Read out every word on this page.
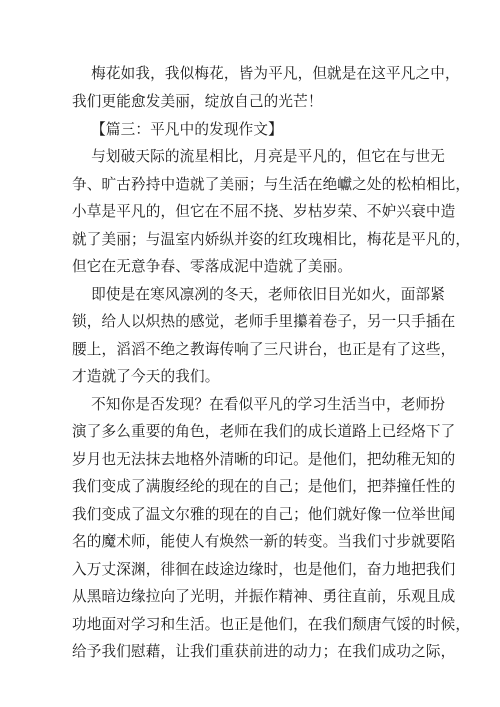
梅花如我，我似梅花，皆为平凡，但就是在这平凡之中，
我们更能愈发美丽，绽放自己的光芒！
【篇三：平凡中的发现作文】
与划破天际的流星相比，月亮是平凡的，但它在与世无
争、旷古矜持中造就了美丽；与生活在绝巘之处的松柏相比，
小草是平凡的，但它在不屈不挠、岁枯岁荣、不妒兴衰中造
就了美丽；与温室内娇纵并姿的红玫瑰相比，梅花是平凡的，
但它在无意争春、零落成泥中造就了美丽。
即使是在寒风凛冽的冬天，老师依旧目光如火，面部紧
锁，给人以炽热的感觉，老师手里攥着卷子，另一只手插在
腰上，滔滔不绝之教诲传响了三尺讲台，也正是有了这些，
才造就了今天的我们。
不知你是否发现？在看似平凡的学习生活当中，老师扮
演了多么重要的角色，老师在我们的成长道路上已经烙下了
岁月也无法抹去地格外清晰的印记。是他们，把幼稚无知的
我们变成了满腹经纶的现在的自己；是他们，把莽撞任性的
我们变成了温文尔雅的现在的自己；他们就好像一位举世闻
名的魔术师，能使人有焕然一新的转变。当我们寸步就要陷
入万丈深渊，徘徊在歧途边缘时，也是他们，奋力地把我们
从黑暗边缘拉向了光明，并振作精神、勇往直前，乐观且成
功地面对学习和生活。也正是他们，在我们颓唐气馁的时候，
给予我们慰藉，让我们重获前进的动力；在我们成功之际，
